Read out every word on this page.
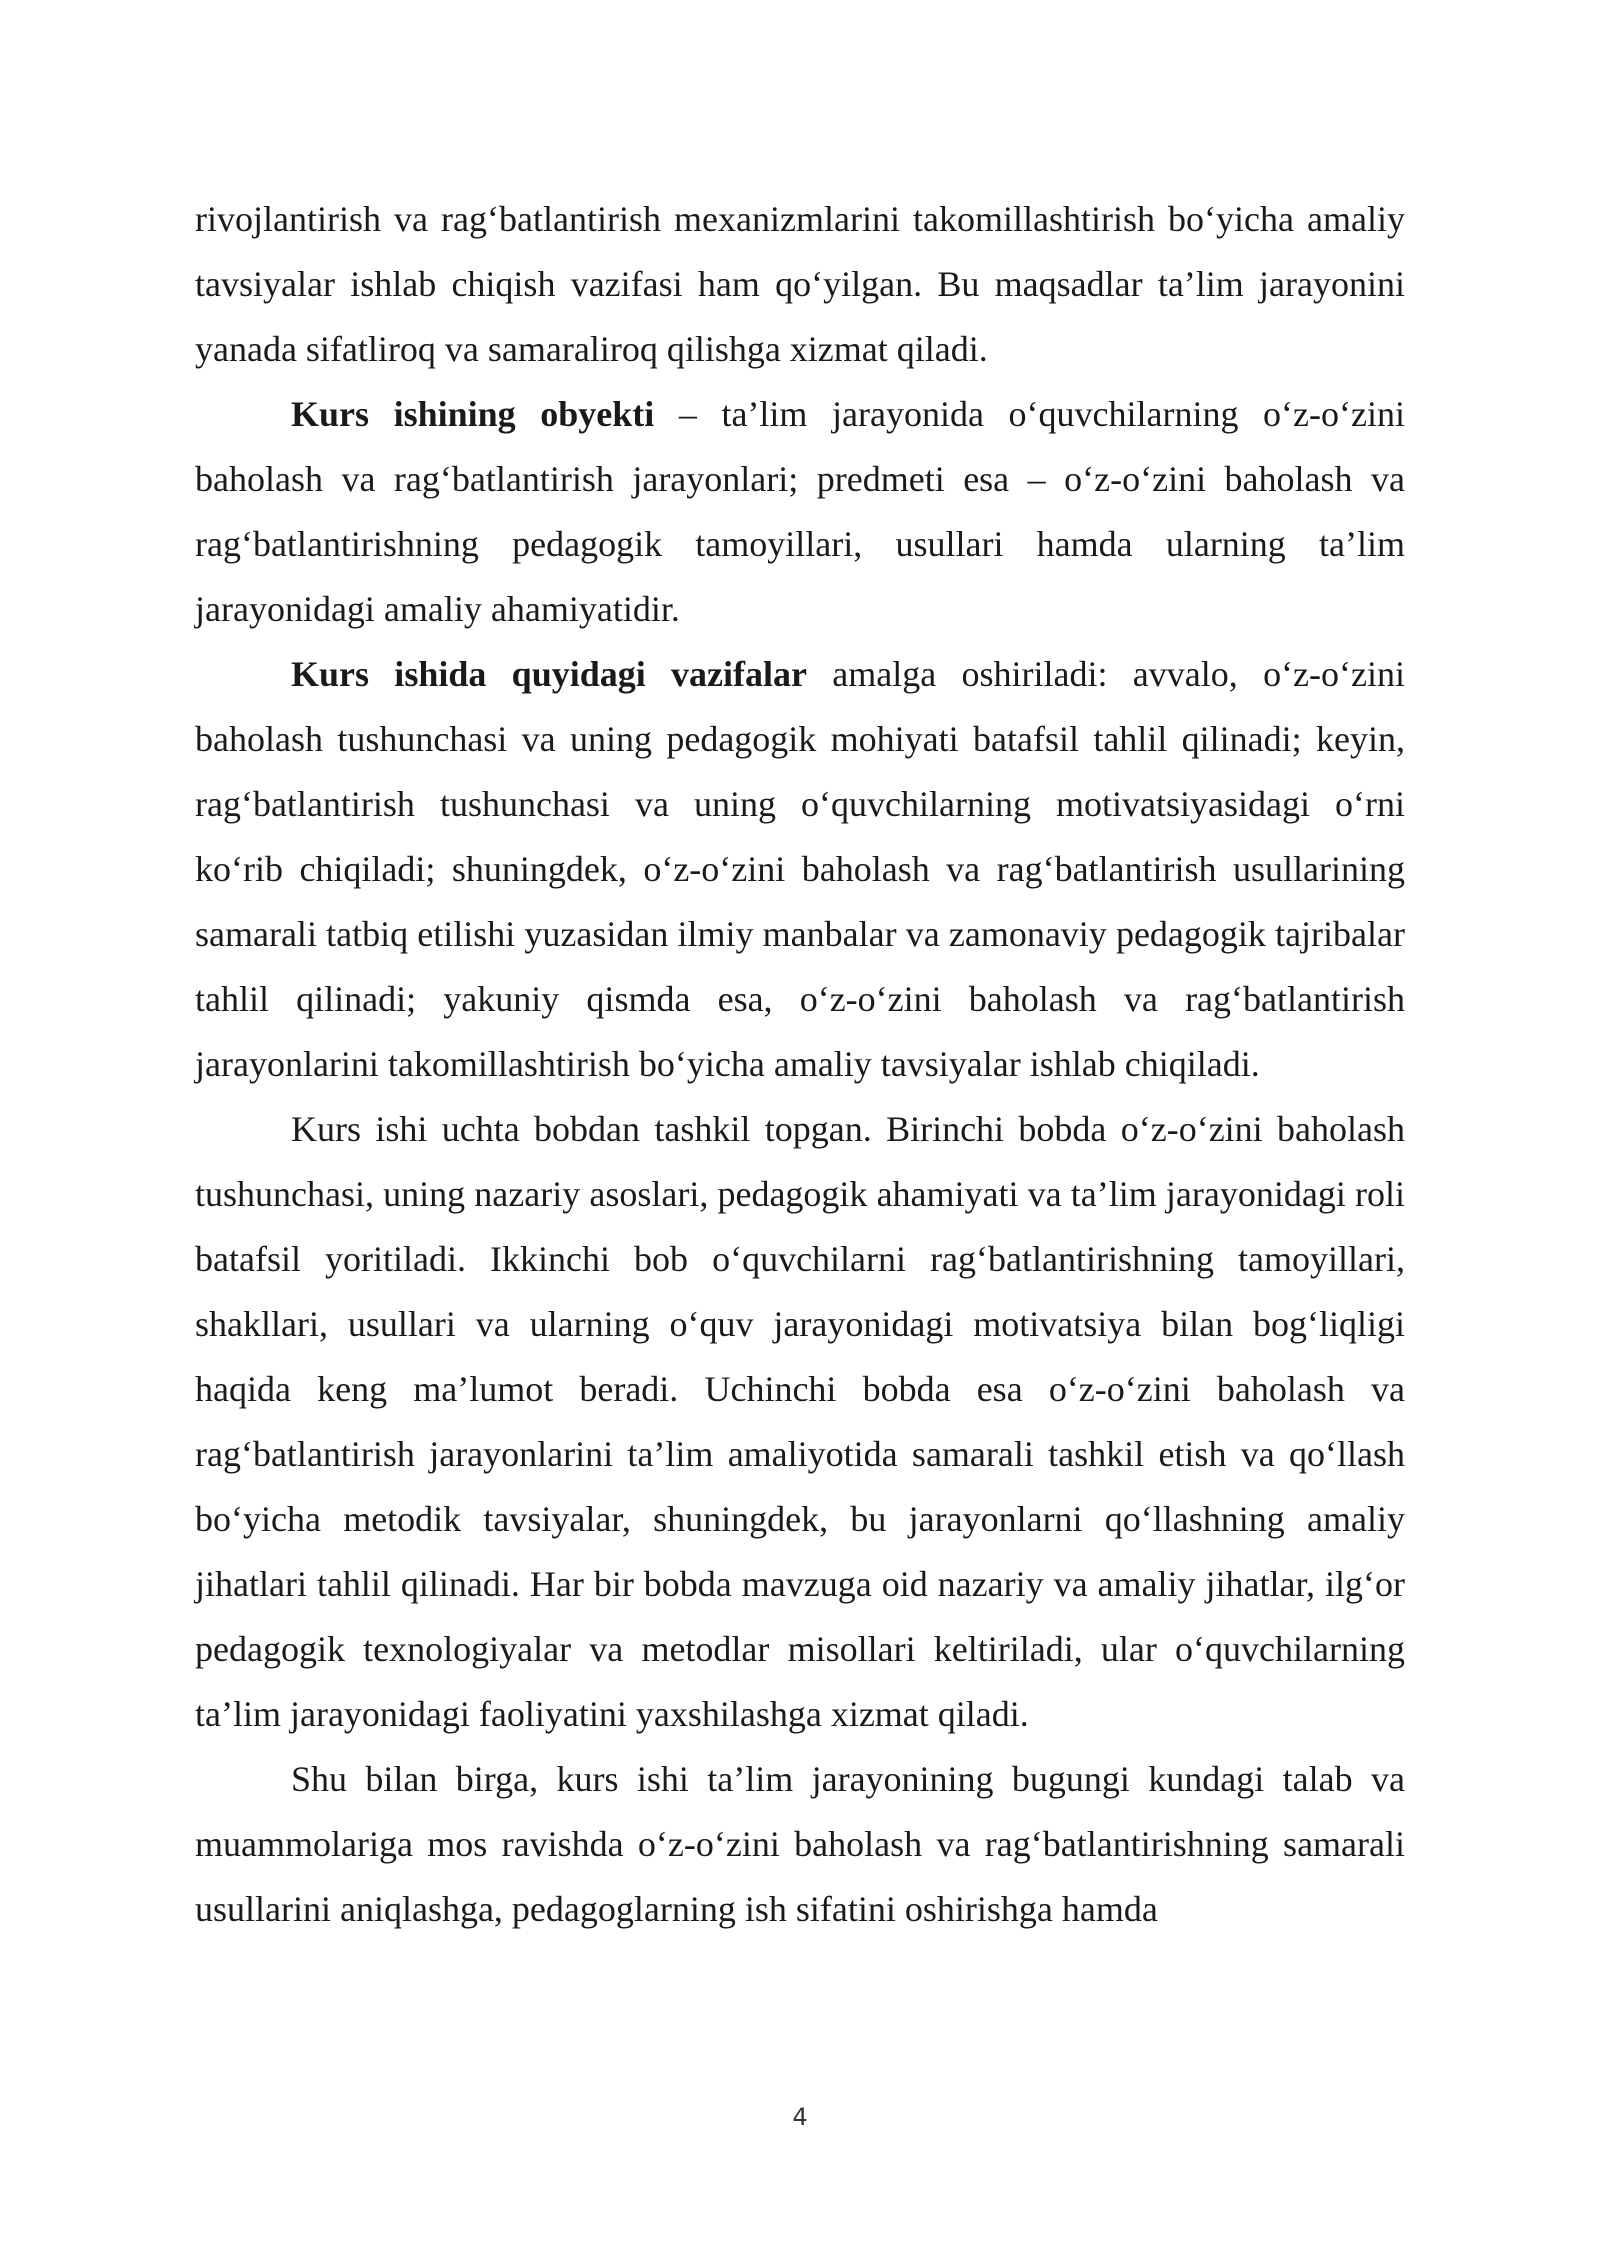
rivojlantirish va rag‘batlantirish mexanizmlarini takomillashtirish bo‘yicha amaliy tavsiyalar ishlab chiqish vazifasi ham qo‘yilgan. Bu maqsadlar ta’lim jarayonini yanada sifatliroq va samaraliroq qilishga xizmat qiladi.

Kurs ishining obyekti – ta’lim jarayonida o‘quvchilarning o‘z-o‘zini baholash va rag‘batlantirish jarayonlari; predmeti esa – o‘z-o‘zini baholash va rag‘batlantirishning pedagogik tamoyillari, usullari hamda ularning ta’lim jarayonidagi amaliy ahamiyatidir.

Kurs ishida quyidagi vazifalar amalga oshiriladi: avvalo, o‘z-o‘zini baholash tushunchasi va uning pedagogik mohiyati batafsil tahlil qilinadi; keyin, rag‘batlantirish tushunchasi va uning o‘quvchilarning motivatsiyasidagi o‘rni ko‘rib chiqiladi; shuningdek, o‘z-o‘zini baholash va rag‘batlantirish usullarining samarali tatbiq etilishi yuzasidan ilmiy manbalar va zamonaviy pedagogik tajribalar tahlil qilinadi; yakuniy qismda esa, o‘z-o‘zini baholash va rag‘batlantirish jarayonlarini takomillashtirish bo‘yicha amaliy tavsiyalar ishlab chiqiladi.

Kurs ishi uchta bobdan tashkil topgan. Birinchi bobda o‘z-o‘zini baholash tushunchasi, uning nazariy asoslari, pedagogik ahamiyati va ta’lim jarayonidagi roli batafsil yoritiladi. Ikkinchi bob o‘quvchilarni rag‘batlantirishning tamoyillari, shakllari, usullari va ularning o‘quv jarayonidagi motivatsiya bilan bog‘liqligi haqida keng ma’lumot beradi. Uchinchi bobda esa o‘z-o‘zini baholash va rag‘batlantirish jarayonlarini ta’lim amaliyotida samarali tashkil etish va qo‘llash bo‘yicha metodik tavsiyalar, shuningdek, bu jarayonlarni qo‘llashning amaliy jihatlari tahlil qilinadi. Har bir bobda mavzuga oid nazariy va amaliy jihatlar, ilg‘or pedagogik texnologiyalar va metodlar misollari keltiriladi, ular o‘quvchilarning ta’lim jarayonidagi faoliyatini yaxshilashga xizmat qiladi.

Shu bilan birga, kurs ishi ta’lim jarayonining bugungi kundagi talab va muammolariga mos ravishda o‘z-o‘zini baholash va rag‘batlantirishning samarali usullarini aniqlashga, pedagoglarning ish sifatini oshirishga hamda

4
